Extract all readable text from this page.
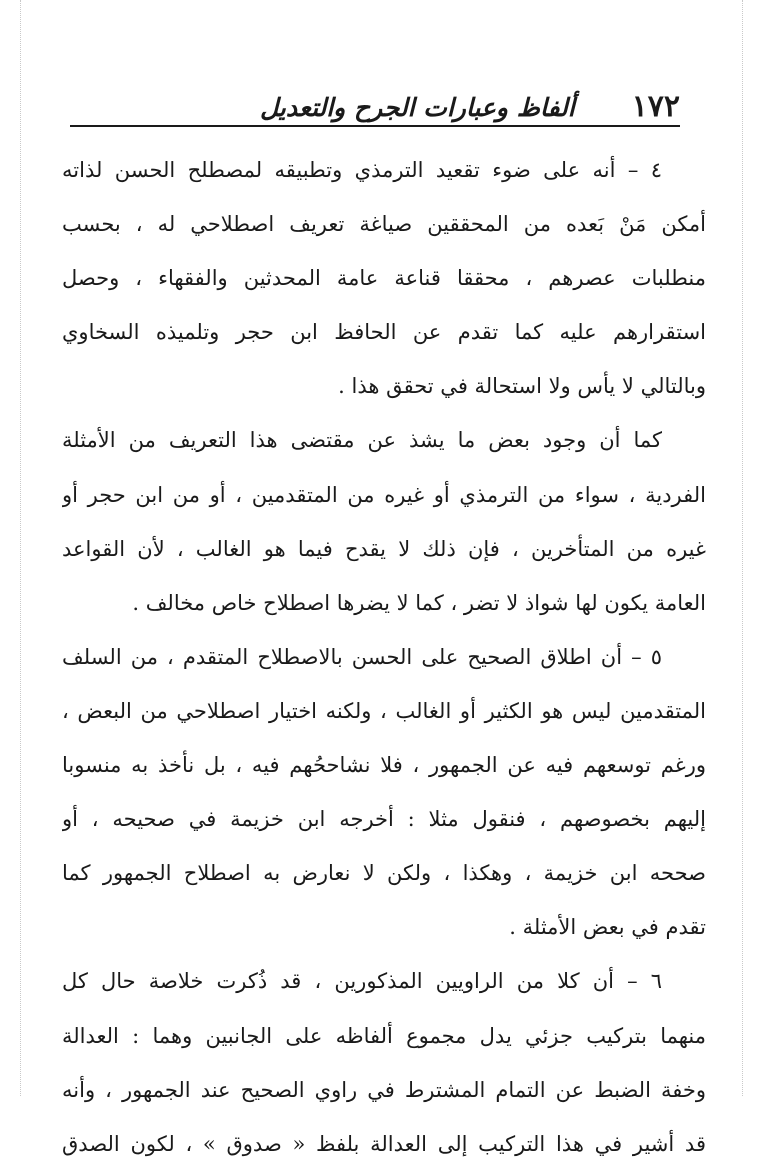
١٧٢
ألفاظ وعبارات الجرح والتعديل
٤ – أنه على ضوء تقعيد الترمذي وتطبيقه لمصطلح الحسن لذاته
أمكن مَنْ بَعده من المحققين صياغة تعريف اصطلاحي له ، بحسب
منطلبات عصرهم ، محققا قناعة عامة المحدثين والفقهاء ، وحصل
استقرارهم عليه كما تقدم عن الحافظ ابن حجر وتلميذه السخاوي
وبالتالي لا يأس ولا استحالة في تحقق هذا .
كما أن وجود بعض ما يشذ عن مقتضى هذا التعريف من الأمثلة
الفردية ، سواء من الترمذي أو غيره من المتقدمين ، أو من ابن حجر أو
غيره من المتأخرين ، فإن ذلك لا يقدح فيما هو الغالب ، لأن القواعد
العامة يكون لها شواذ لا تضر ، كما لا يضرها اصطلاح خاص مخالف .
٥ – أن اطلاق الصحيح على الحسن بالاصطلاح المتقدم ، من السلف
المتقدمين ليس هو الكثير أو الغالب ، ولكنه اختيار اصطلاحي من البعض ،
ورغم توسعهم فيه عن الجمهور ، فلا نشاححُهم فيه ، بل نأخذ به منسوبا
إليهم بخصوصهم ، فنقول مثلا : أخرجه ابن خزيمة في صحيحه ، أو
صححه ابن خزيمة ، وهكذا ، ولكن لا نعارض به اصطلاح الجمهور كما
تقدم في بعض الأمثلة .
٦ – أن كلا من الراويين المذكورين ، قد ذُكرت خلاصة حال كل
منهما بتركيب جزئي يدل مجموع ألفاظه على الجانبين وهما : العدالة
وخفة الضبط عن التمام المشترط في راوي الصحيح عند الجمهور ، وأنه
قد أشير في هذا التركيب إلى العدالة بلفظ « صدوق » ، لكون الصدق
